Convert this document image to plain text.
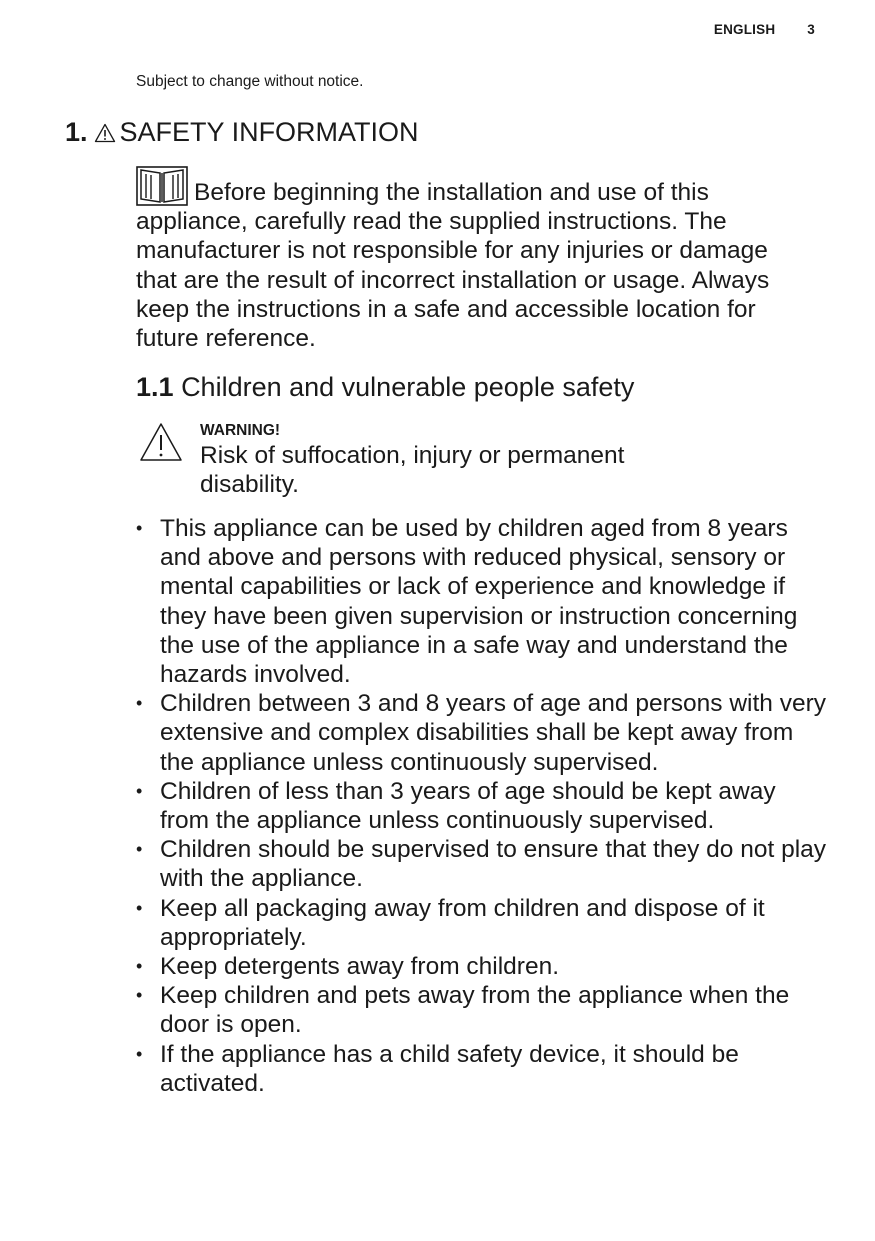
ENGLISH 3
Subject to change without notice.
1. SAFETY INFORMATION
Before beginning the installation and use of this appliance, carefully read the supplied instructions. The manufacturer is not responsible for any injuries or damage that are the result of incorrect installation or usage. Always keep the instructions in a safe and accessible location for future reference.
1.1 Children and vulnerable people safety
WARNING!
Risk of suffocation, injury or permanent disability.
• This appliance can be used by children aged from 8 years and above and persons with reduced physical, sensory or mental capabilities or lack of experience and knowledge if they have been given supervision or instruction concerning the use of the appliance in a safe way and understand the hazards involved.
• Children between 3 and 8 years of age and persons with very extensive and complex disabilities shall be kept away from the appliance unless continuously supervised.
• Children of less than 3 years of age should be kept away from the appliance unless continuously supervised.
• Children should be supervised to ensure that they do not play with the appliance.
• Keep all packaging away from children and dispose of it appropriately.
• Keep detergents away from children.
• Keep children and pets away from the appliance when the door is open.
• If the appliance has a child safety device, it should be activated.
